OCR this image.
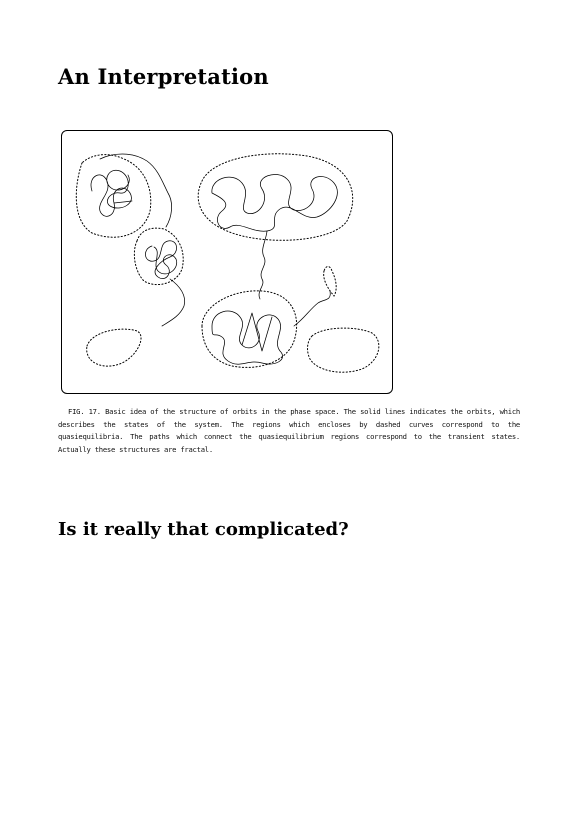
An Interpretation

FIG. 17. Basic idea of the structure of orbits in the phase space. The solid lines indicates the orbits, which describes the states of the system. The regions which encloses by dashed curves correspond to the quasiequilibria. The paths which connect the quasiequilibrium regions correspond to the transient states. Actually these structures are fractal.

Is it really that complicated?
